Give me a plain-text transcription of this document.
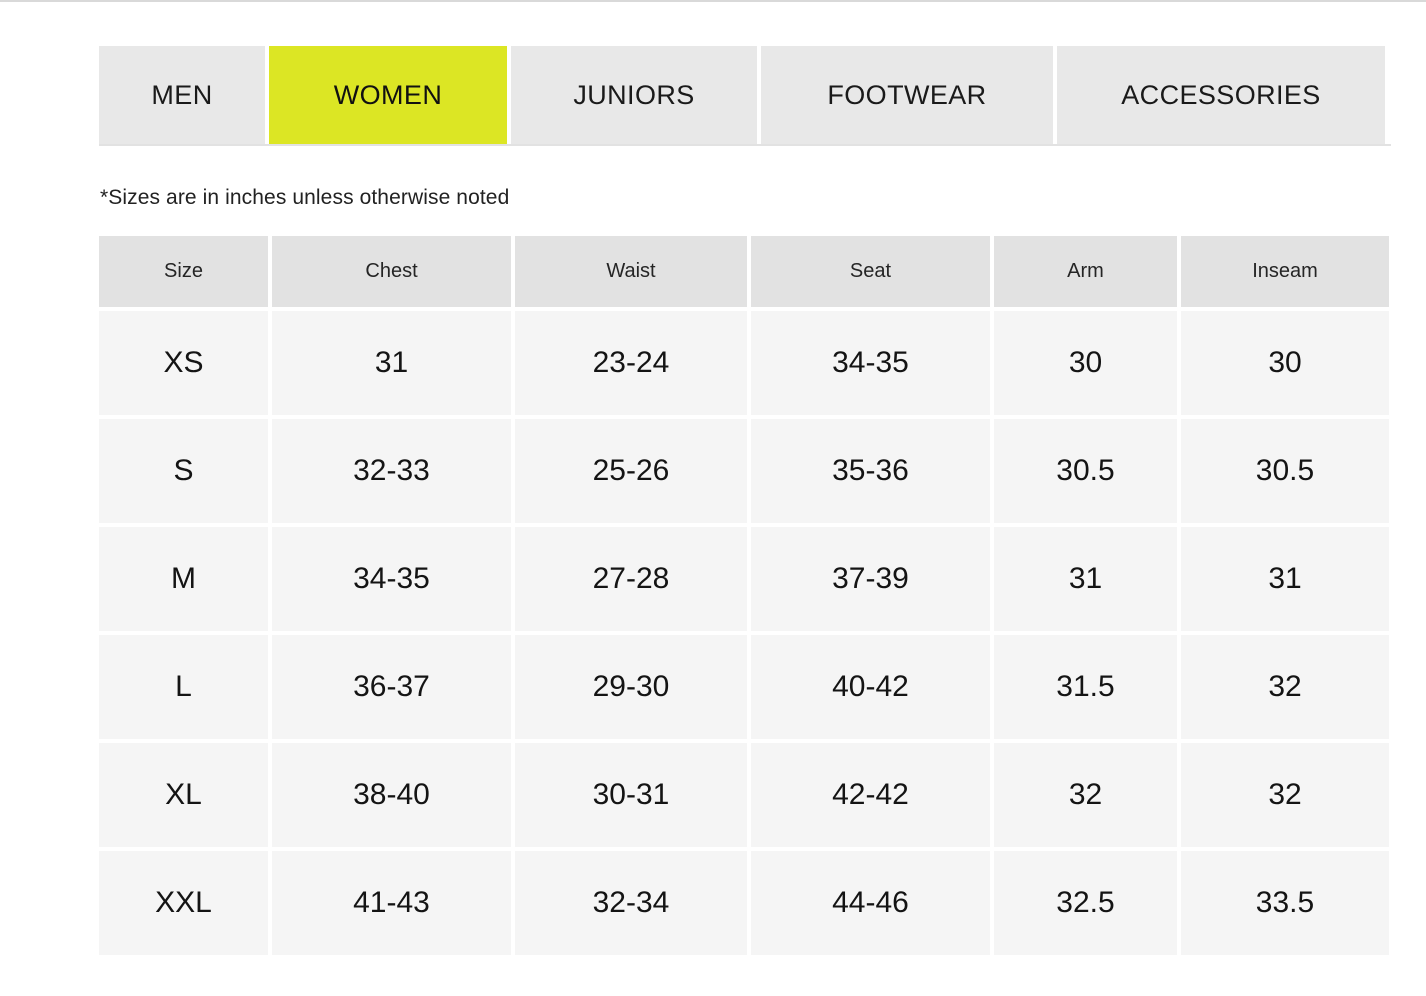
MEN	WOMEN	JUNIORS	FOOTWEAR	ACCESSORIES
*Sizes are in inches unless otherwise noted
Size	Chest	Waist	Seat	Arm	Inseam
XS	31	23-24	34-35	30	30
S	32-33	25-26	35-36	30.5	30.5
M	34-35	27-28	37-39	31	31
L	36-37	29-30	40-42	31.5	32
XL	38-40	30-31	42-42	32	32
XXL	41-43	32-34	44-46	32.5	33.5
